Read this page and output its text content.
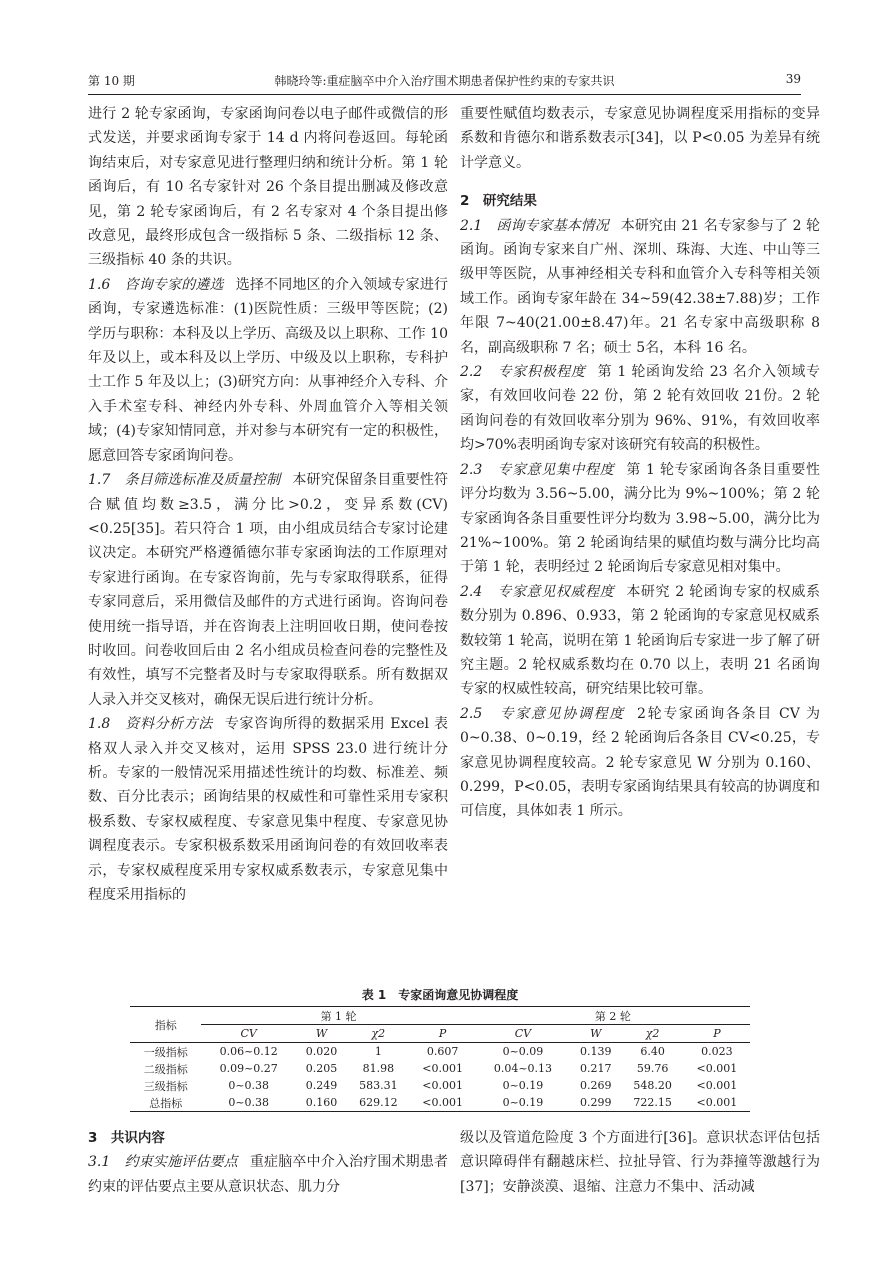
第 10 期	韩晓玲等:重症脑卒中介入治疗围术期患者保护性约束的专家共识	39

进行 2 轮专家函询，专家函询问卷以电子邮件或微信的形式发送，并要求函询专家于 14 d 内将问卷返回。每轮函询结束后，对专家意见进行整理归纳和统计分析。第 1 轮函询后，有 10 名专家针对 26 个条目提出删减及修改意见，第 2 轮专家函询后，有 2 名专家对 4 个条目提出修改意见，最终形成包含一级指标 5 条、二级指标 12 条、三级指标 40 条的共识。

1.6　咨询专家的遴选 选择不同地区的介入领域专家进行函询，专家遴选标准：(1)医院性质：三级甲等医院；(2)学历与职称：本科及以上学历、高级及以上职称、工作 10 年及以上，或本科及以上学历、中级及以上职称，专科护士工作 5 年及以上；(3)研究方向：从事神经介入专科、介入手术室专科、神经内外专科、外周血管介入等相关领域；(4)专家知情同意，并对参与本研究有一定的积极性，愿意回答专家函询问卷。

1.7　条目筛选标准及质量控制 本研究保留条目重要性符合赋值均数≥3.5，满分比>0.2，变异系数(CV)<0.25[35]。若只符合 1 项，由小组成员结合专家讨论建议决定。本研究严格遵循德尔菲专家函询法的工作原理对专家进行函询。在专家咨询前，先与专家取得联系，征得专家同意后，采用微信及邮件的方式进行函询。咨询问卷使用统一指导语，并在咨询表上注明回收日期，使问卷按时收回。问卷收回后由 2 名小组成员检查问卷的完整性及有效性，填写不完整者及时与专家取得联系。所有数据双人录入并交叉核对，确保无误后进行统计分析。

1.8　资料分析方法 专家咨询所得的数据采用 Excel 表格双人录入并交叉核对，运用 SPSS 23.0 进行统计分析。专家的一般情况采用描述性统计的均数、标准差、频数、百分比表示；函询结果的权威性和可靠性采用专家积极系数、专家权威程度、专家意见集中程度、专家意见协调程度表示。专家积极系数采用函询问卷的有效回收率表示，专家权威程度采用专家权威系数表示，专家意见集中程度采用指标的

重要性赋值均数表示，专家意见协调程度采用指标的变异系数和肯德尔和谐系数表示[34]，以 P<0.05 为差异有统计学意义。

2　研究结果

2.1　函询专家基本情况 本研究由 21 名专家参与了 2 轮函询。函询专家来自广州、深圳、珠海、大连、中山等三级甲等医院，从事神经相关专科和血管介入专科等相关领域工作。函询专家年龄在 34~59(42.38±7.88)岁；工作年限 7~40(21.00±8.47)年。21 名专家中高级职称 8 名，副高级职称 7 名；硕士 5名，本科 16 名。

2.2　专家积极程度 第 1 轮函询发给 23 名介入领域专家，有效回收问卷 22 份，第 2 轮有效回收 21份。2 轮函询问卷的有效回收率分别为 96%、91%，有效回收率均>70%表明函询专家对该研究有较高的积极性。

2.3　专家意见集中程度 第 1 轮专家函询各条目重要性评分均数为 3.56~5.00，满分比为 9%~100%；第 2 轮专家函询各条目重要性评分均数为 3.98~5.00，满分比为 21%~100%。第 2 轮函询结果的赋值均数与满分比均高于第 1 轮，表明经过 2 轮函询后专家意见相对集中。

2.4　专家意见权威程度 本研究 2 轮函询专家的权威系数分别为 0.896、0.933，第 2 轮函询的专家意见权威系数较第 1 轮高，说明在第 1 轮函询后专家进一步了解了研究主题。2 轮权威系数均在 0.70 以上，表明 21 名函询专家的权威性较高，研究结果比较可靠。

2.5　专家意见协调程度 2轮专家函询各条目 CV 为 0~0.38、0~0.19，经 2 轮函询后各条目 CV<0.25，专家意见协调程度较高。2 轮专家意见 W 分别为 0.160、0.299，P<0.05，表明专家函询结果具有较高的协调度和可信度，具体如表 1 所示。

表 1　专家函询意见协调程度
指标	第 1 轮				第 2 轮			
	CV	W	χ2	P	CV	W	χ2	P
一级指标	0.06~0.12	0.020	1	0.607	0~0.09	0.139	6.40	0.023
二级指标	0.09~0.27	0.205	81.98	<0.001	0.04~0.13	0.217	59.76	<0.001
三级指标	0~0.38	0.249	583.31	<0.001	0~0.19	0.269	548.20	<0.001
总指标	0~0.38	0.160	629.12	<0.001	0~0.19	0.299	722.15	<0.001

3　共识内容

3.1　约束实施评估要点 重症脑卒中介入治疗围术期患者约束的评估要点主要从意识状态、肌力分

级以及管道危险度 3 个方面进行[36]。意识状态评估包括意识障碍伴有翻越床栏、拉扯导管、行为莽撞等激越行为[37]；安静淡漠、退缩、注意力不集中、活动减
